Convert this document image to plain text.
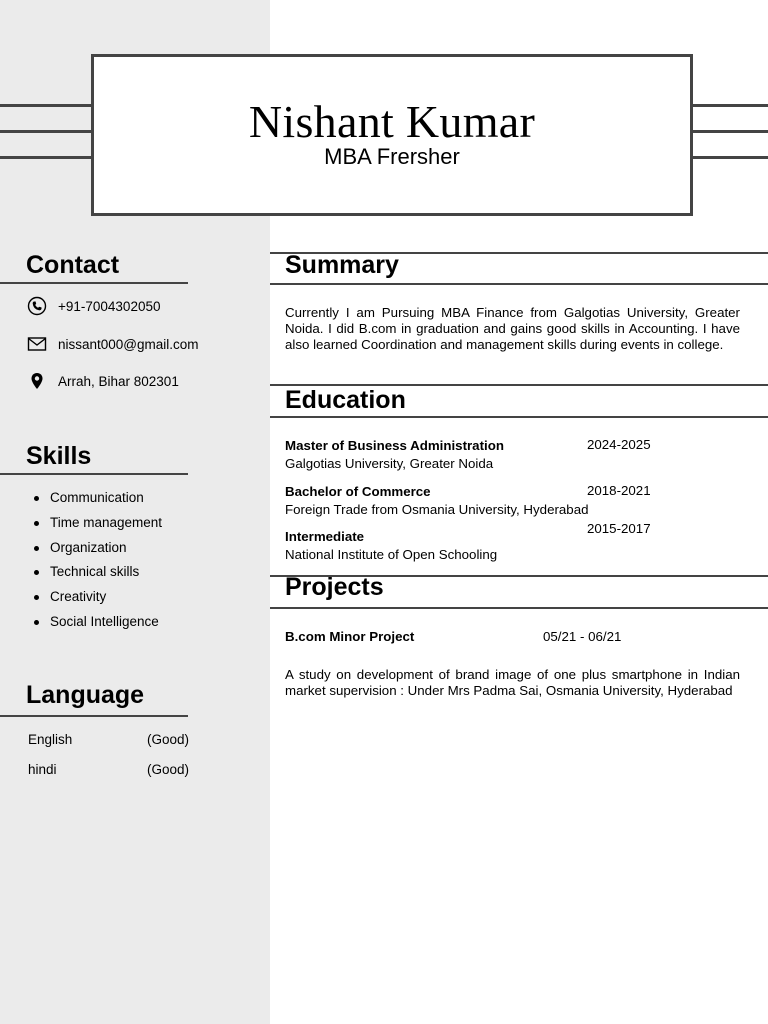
Nishant Kumar
MBA Frersher
Contact
+91-7004302050
nissant000@gmail.com
Arrah, Bihar 802301
Skills
Communication
Time management
Organization
Technical skills
Creativity
Social Intelligence
Language
English	(Good)
hindi	(Good)
Summary
Currently I am Pursuing MBA Finance from Galgotias University, Greater Noida. I did B.com in graduation and gains good skills in Accounting. I have also learned Coordination and management skills during events in college.
Education
Master of Business Administration
Galgotias University, Greater Noida
2024-2025
Bachelor of Commerce
Foreign Trade from Osmania University, Hyderabad
2018-2021
Intermediate
National Institute of Open Schooling
2015-2017
Projects
B.com Minor Project	05/21 - 06/21
A study on development of brand image of one plus smartphone in Indian market supervision : Under Mrs Padma Sai, Osmania University, Hyderabad
